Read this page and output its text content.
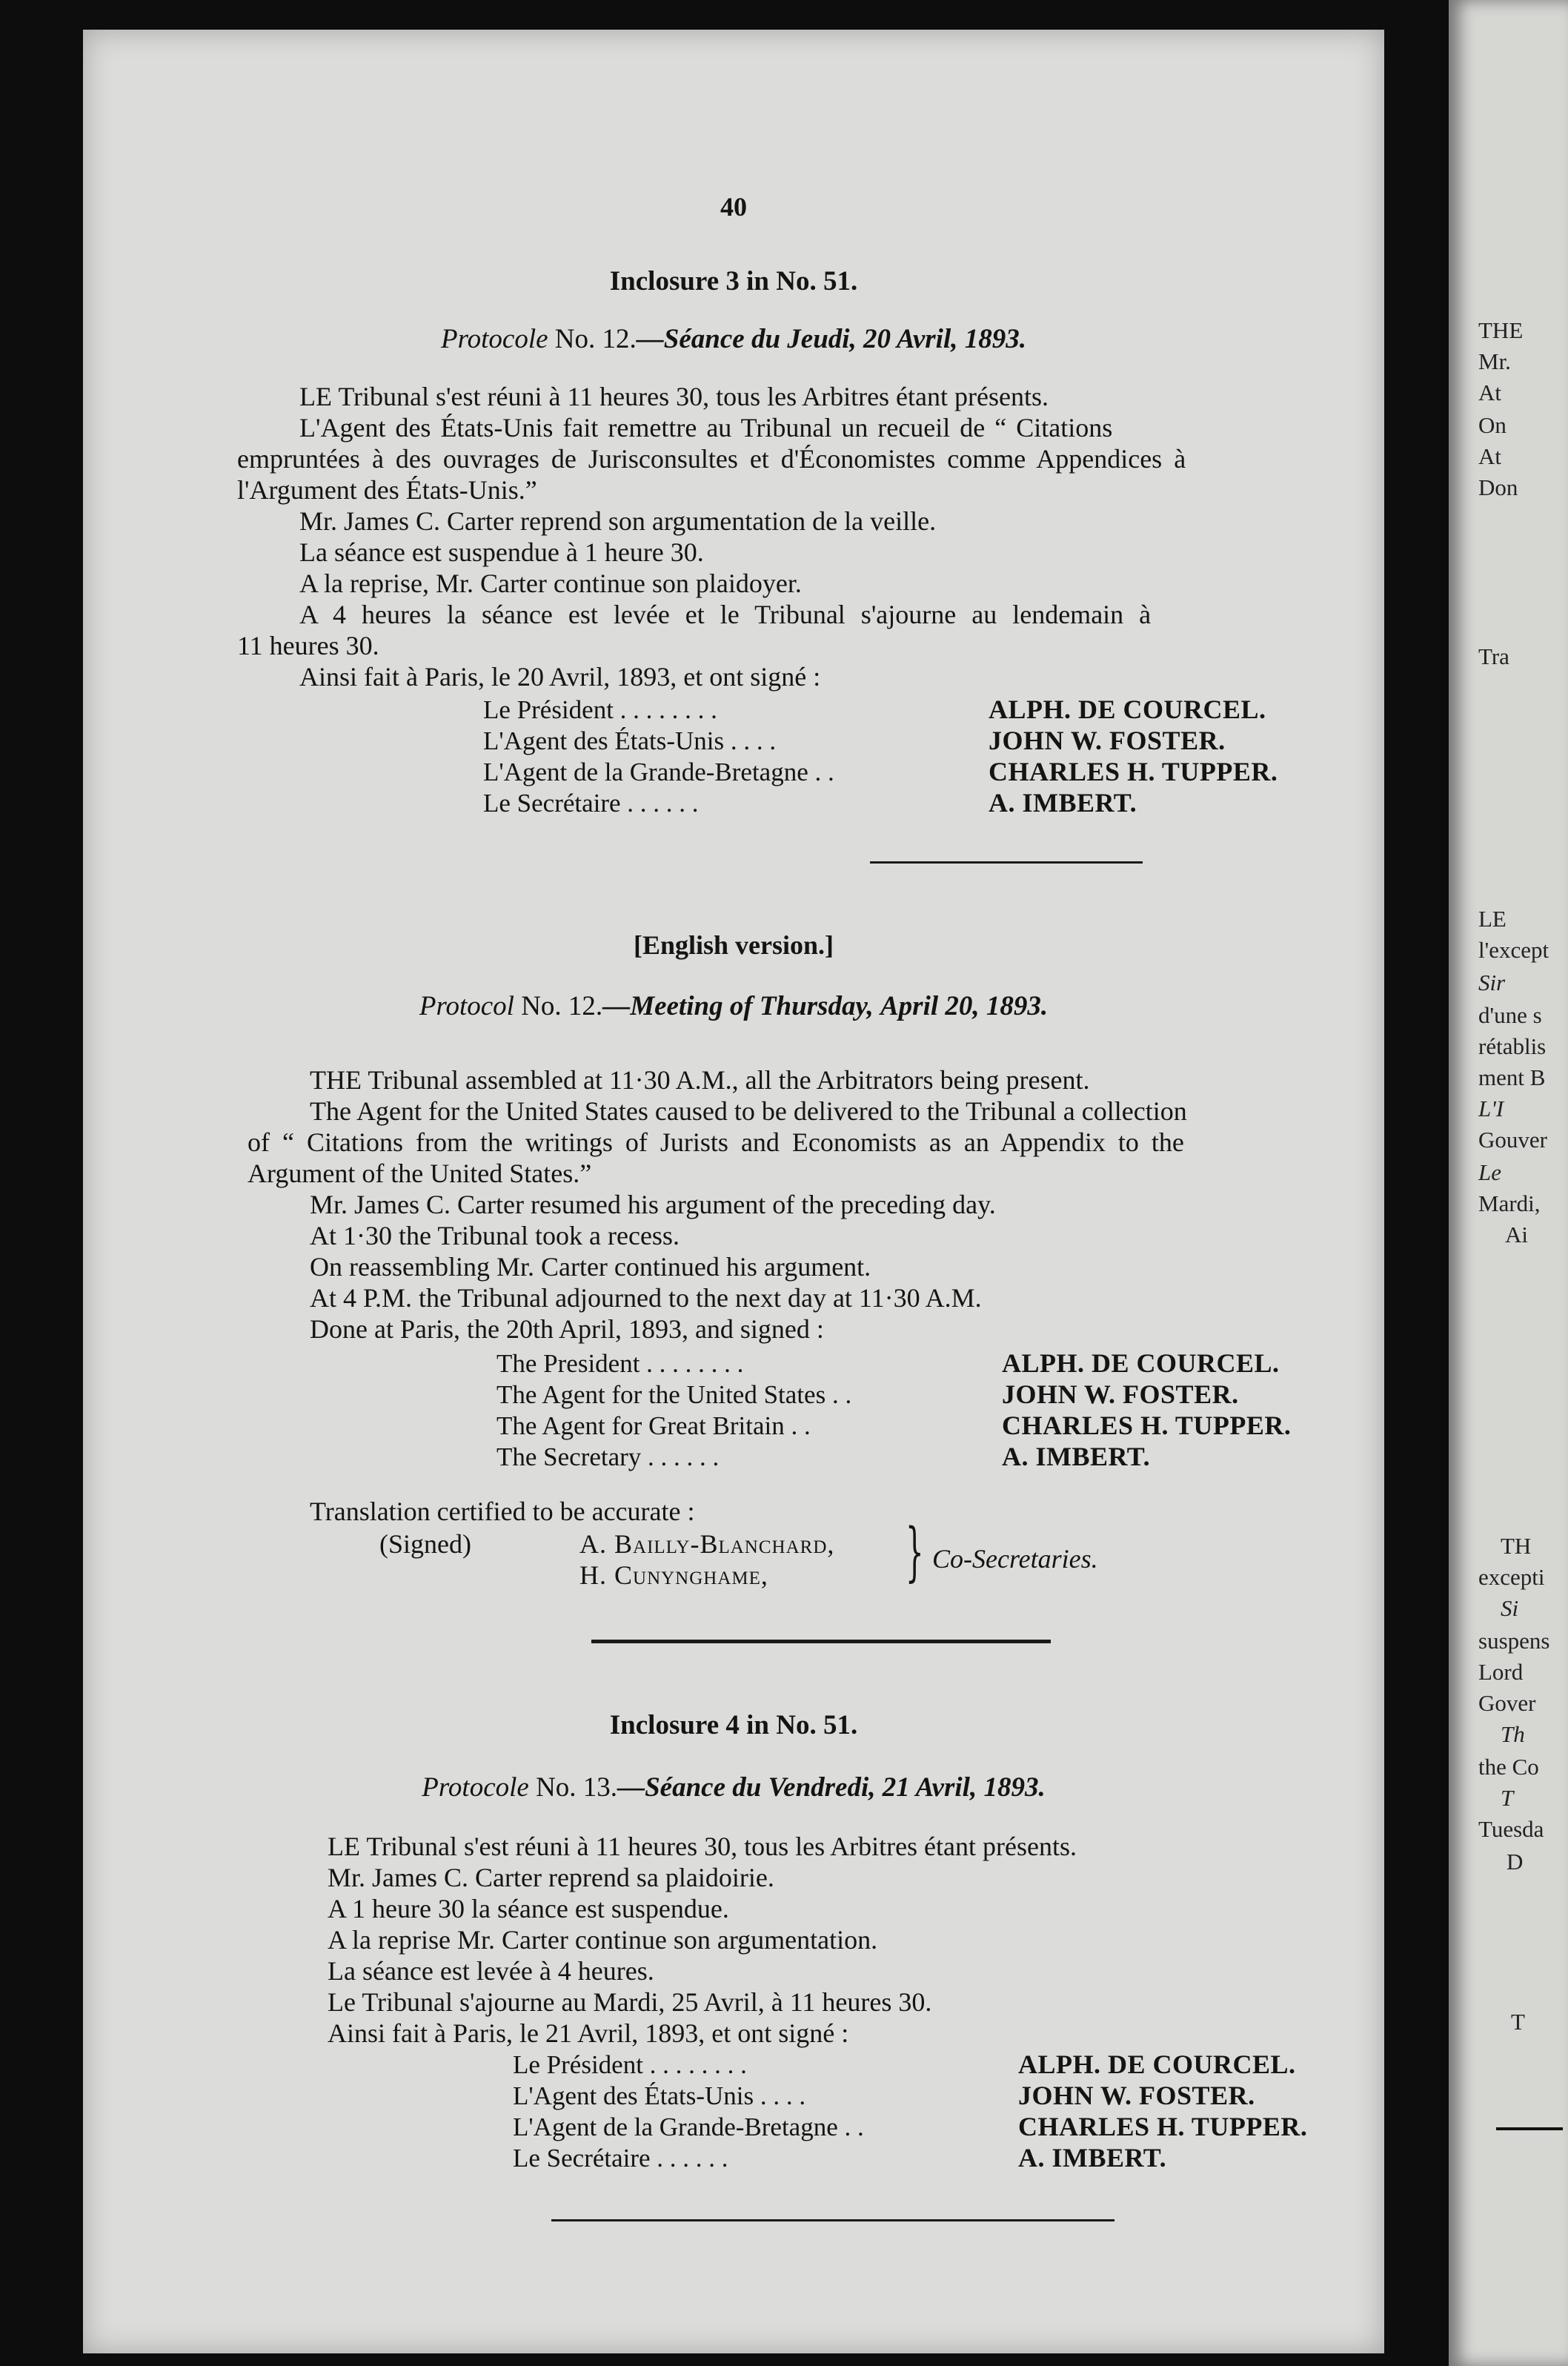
THE
Mr.
At
On
At
Don
Tra
LE
l'except
Sir
d'une s
rétablis
ment B
L'I
Gouver
Le
Mardi,
Ai
TH
excepti
Si
suspens
Lord
Gover
Th
the Co
T
Tuesda
D
T
40
Inclosure 3 in No. 51.
Protocole No. 12.—Séance du Jeudi, 20 Avril, 1893.
LE Tribunal s'est réuni à 11 heures 30, tous les Arbitres étant présents.
L'Agent des États-Unis fait remettre au Tribunal un recueil de “ Citations
empruntées à des ouvrages de Jurisconsultes et d'Économistes comme Appendices à
l'Argument des États-Unis.”
Mr. James C. Carter reprend son argumentation de la veille.
La séance est suspendue à 1 heure 30.
A la reprise, Mr. Carter continue son plaidoyer.
A 4 heures la séance est levée et le Tribunal s'ajourne au lendemain à
11 heures 30.
Ainsi fait à Paris, le 20 Avril, 1893, et ont signé :
Le Président . . . . . . . .	ALPH. DE COURCEL.
L'Agent des États-Unis . . . .	JOHN W. FOSTER.
L'Agent de la Grande-Bretagne . .	CHARLES H. TUPPER.
Le Secrétaire . . . . . .	A. IMBERT.
[English version.]
Protocol No. 12.—Meeting of Thursday, April 20, 1893.
THE Tribunal assembled at 11·30 A.M., all the Arbitrators being present.
The Agent for the United States caused to be delivered to the Tribunal a collection
of “ Citations from the writings of Jurists and Economists as an Appendix to the
Argument of the United States.”
Mr. James C. Carter resumed his argument of the preceding day.
At 1·30 the Tribunal took a recess.
On reassembling Mr. Carter continued his argument.
At 4 P.M. the Tribunal adjourned to the next day at 11·30 A.M.
Done at Paris, the 20th April, 1893, and signed :
The President . . . . . . . .	ALPH. DE COURCEL.
The Agent for the United States . .	JOHN W. FOSTER.
The Agent for Great Britain . .	CHARLES H. TUPPER.
The Secretary . . . . . .	A. IMBERT.
Translation certified to be accurate :
(Signed)	A. Bailly-Blanchard,
H. Cunynghame, } Co-Secretaries.
Inclosure 4 in No. 51.
Protocole No. 13.—Séance du Vendredi, 21 Avril, 1893.
LE Tribunal s'est réuni à 11 heures 30, tous les Arbitres étant présents.
Mr. James C. Carter reprend sa plaidoirie.
A 1 heure 30 la séance est suspendue.
A la reprise Mr. Carter continue son argumentation.
La séance est levée à 4 heures.
Le Tribunal s'ajourne au Mardi, 25 Avril, à 11 heures 30.
Ainsi fait à Paris, le 21 Avril, 1893, et ont signé :
Le Président . . . . . . . .	ALPH. DE COURCEL.
L'Agent des États-Unis . . . .	JOHN W. FOSTER.
L'Agent de la Grande-Bretagne . .	CHARLES H. TUPPER.
Le Secrétaire . . . . . .	A. IMBERT.
